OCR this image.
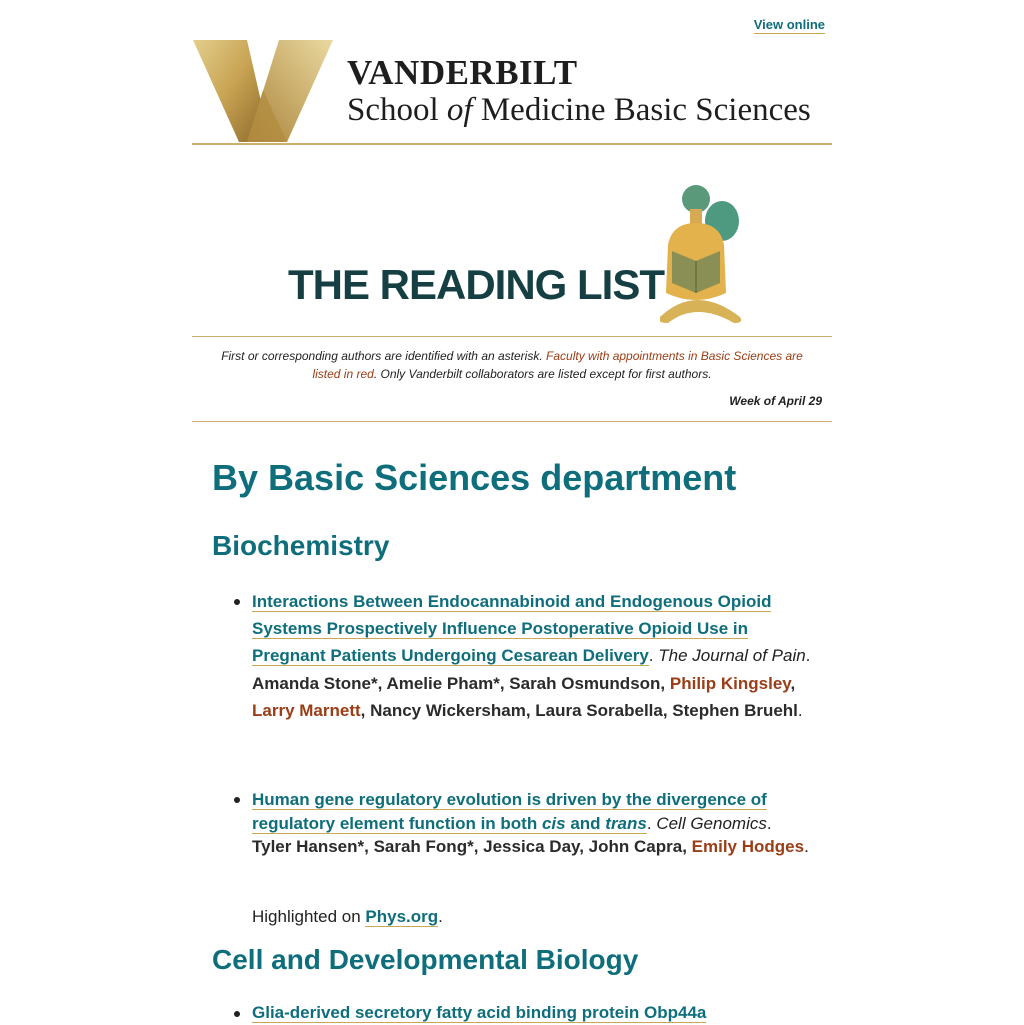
View online
VANDERBILT
School of Medicine Basic Sciences
THE READING LIST
First or corresponding authors are identified with an asterisk. Faculty with appointments in Basic Sciences are listed in red. Only Vanderbilt collaborators are listed except for first authors.
Week of April 29
By Basic Sciences department
Biochemistry
Interactions Between Endocannabinoid and Endogenous Opioid Systems Prospectively Influence Postoperative Opioid Use in Pregnant Patients Undergoing Cesarean Delivery. The Journal of Pain.
Amanda Stone*, Amelie Pham*, Sarah Osmundson, Philip Kingsley, Larry Marnett, Nancy Wickersham, Laura Sorabella, Stephen Bruehl.
Human gene regulatory evolution is driven by the divergence of regulatory element function in both cis and trans. Cell Genomics.
Tyler Hansen*, Sarah Fong*, Jessica Day, John Capra, Emily Hodges.
Highlighted on Phys.org.
Cell and Developmental Biology
Glia-derived secretory fatty acid binding protein Obp44a
